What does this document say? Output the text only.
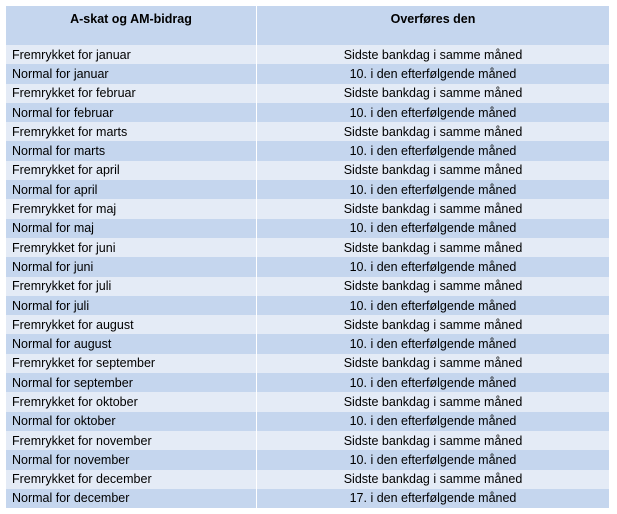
A-skat og AM-bidrag	Overføres den
Fremrykket for januar	Sidste bankdag i samme måned
Normal for januar	10. i den efterfølgende måned
Fremrykket for februar	Sidste bankdag i samme måned
Normal for februar	10. i den efterfølgende måned
Fremrykket for marts	Sidste bankdag i samme måned
Normal for marts	10. i den efterfølgende måned
Fremrykket for april	Sidste bankdag i samme måned
Normal for april	10. i den efterfølgende måned
Fremrykket for maj	Sidste bankdag i samme måned
Normal for maj	10. i den efterfølgende måned
Fremrykket for juni	Sidste bankdag i samme måned
Normal for juni	10. i den efterfølgende måned
Fremrykket for juli	Sidste bankdag i samme måned
Normal for juli	10. i den efterfølgende måned
Fremrykket for august	Sidste bankdag i samme måned
Normal for august	10. i den efterfølgende måned
Fremrykket for september	Sidste bankdag i samme måned
Normal for september	10. i den efterfølgende måned
Fremrykket for oktober	Sidste bankdag i samme måned
Normal for oktober	10. i den efterfølgende måned
Fremrykket for november	Sidste bankdag i samme måned
Normal for november	10. i den efterfølgende måned
Fremrykket for december	Sidste bankdag i samme måned
Normal for december	17. i den efterfølgende måned
